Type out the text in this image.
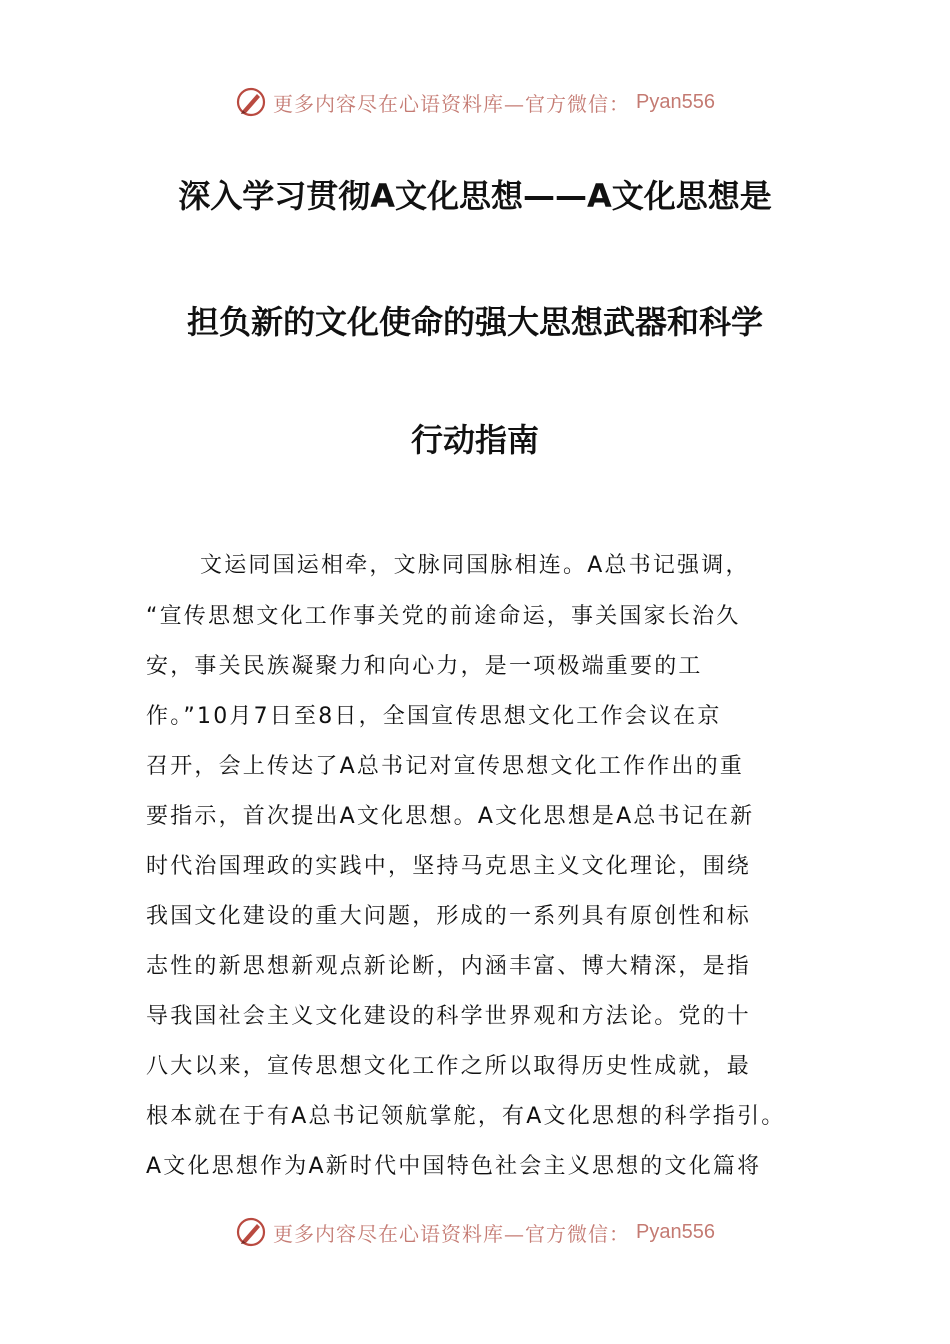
更多内容尽在心语资料库—官方微信： Pyan556
深入学习贯彻A文化思想——A文化思想是
担负新的文化使命的强大思想武器和科学
行动指南
文运同国运相牵，文脉同国脉相连。A总书记强调，
“宣传思想文化工作事关党的前途命运，事关国家长治久
安，事关民族凝聚力和向心力，是一项极端重要的工
作。”10月7日至8日，全国宣传思想文化工作会议在京
召开，会上传达了A总书记对宣传思想文化工作作出的重
要指示，首次提出A文化思想。A文化思想是A总书记在新
时代治国理政的实践中，坚持马克思主义文化理论，围绕
我国文化建设的重大问题，形成的一系列具有原创性和标
志性的新思想新观点新论断，内涵丰富、博大精深，是指
导我国社会主义文化建设的科学世界观和方法论。党的十
八大以来，宣传思想文化工作之所以取得历史性成就，最
根本就在于有A总书记领航掌舵，有A文化思想的科学指引。
A文化思想作为A新时代中国特色社会主义思想的文化篇将
更多内容尽在心语资料库—官方微信： Pyan556
